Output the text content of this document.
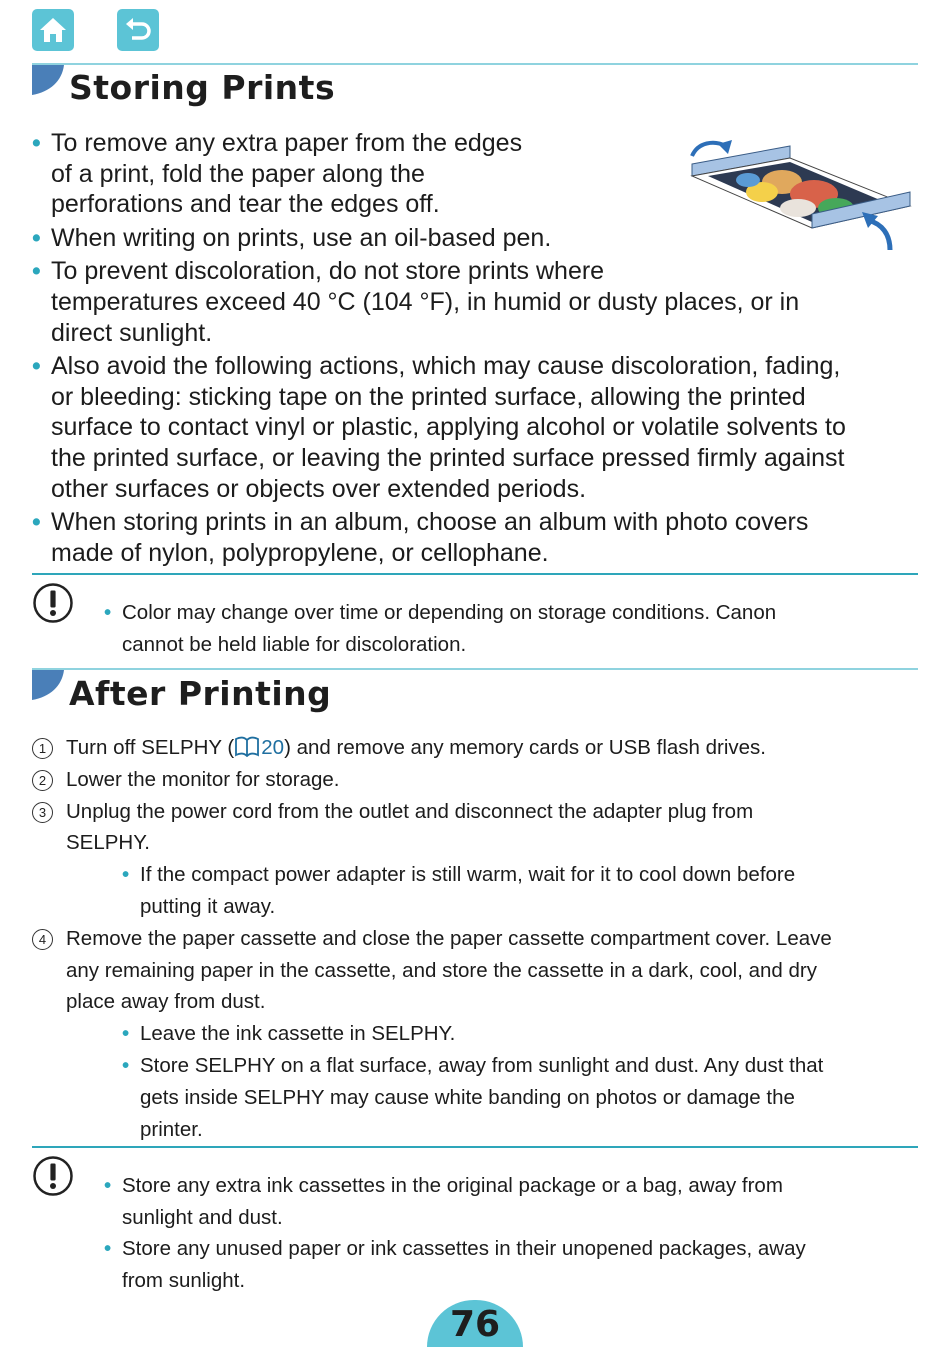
Storing Prints
• To remove any extra paper from the edges
of a print, fold the paper along the
perforations and tear the edges off.
• When writing on prints, use an oil-based pen.
• To prevent discoloration, do not store prints where
temperatures exceed 40 °C (104 °F), in humid or dusty places, or in
direct sunlight.
• Also avoid the following actions, which may cause discoloration, fading,
or bleeding: sticking tape on the printed surface, allowing the printed
surface to contact vinyl or plastic, applying alcohol or volatile solvents to
the printed surface, or leaving the printed surface pressed firmly against
other surfaces or objects over extended periods.
• When storing prints in an album, choose an album with photo covers
made of nylon, polypropylene, or cellophane.
• Color may change over time or depending on storage conditions. Canon
cannot be held liable for discoloration.
After Printing
1 Turn off SELPHY ( 20) and remove any memory cards or USB flash drives.
2 Lower the monitor for storage.
3 Unplug the power cord from the outlet and disconnect the adapter plug from
SELPHY.
• If the compact power adapter is still warm, wait for it to cool down before
putting it away.
4 Remove the paper cassette and close the paper cassette compartment cover. Leave
any remaining paper in the cassette, and store the cassette in a dark, cool, and dry
place away from dust.
• Leave the ink cassette in SELPHY.
• Store SELPHY on a flat surface, away from sunlight and dust. Any dust that
gets inside SELPHY may cause white banding on photos or damage the
printer.
• Store any extra ink cassettes in the original package or a bag, away from
sunlight and dust.
• Store any unused paper or ink cassettes in their unopened packages, away
from sunlight.
76
